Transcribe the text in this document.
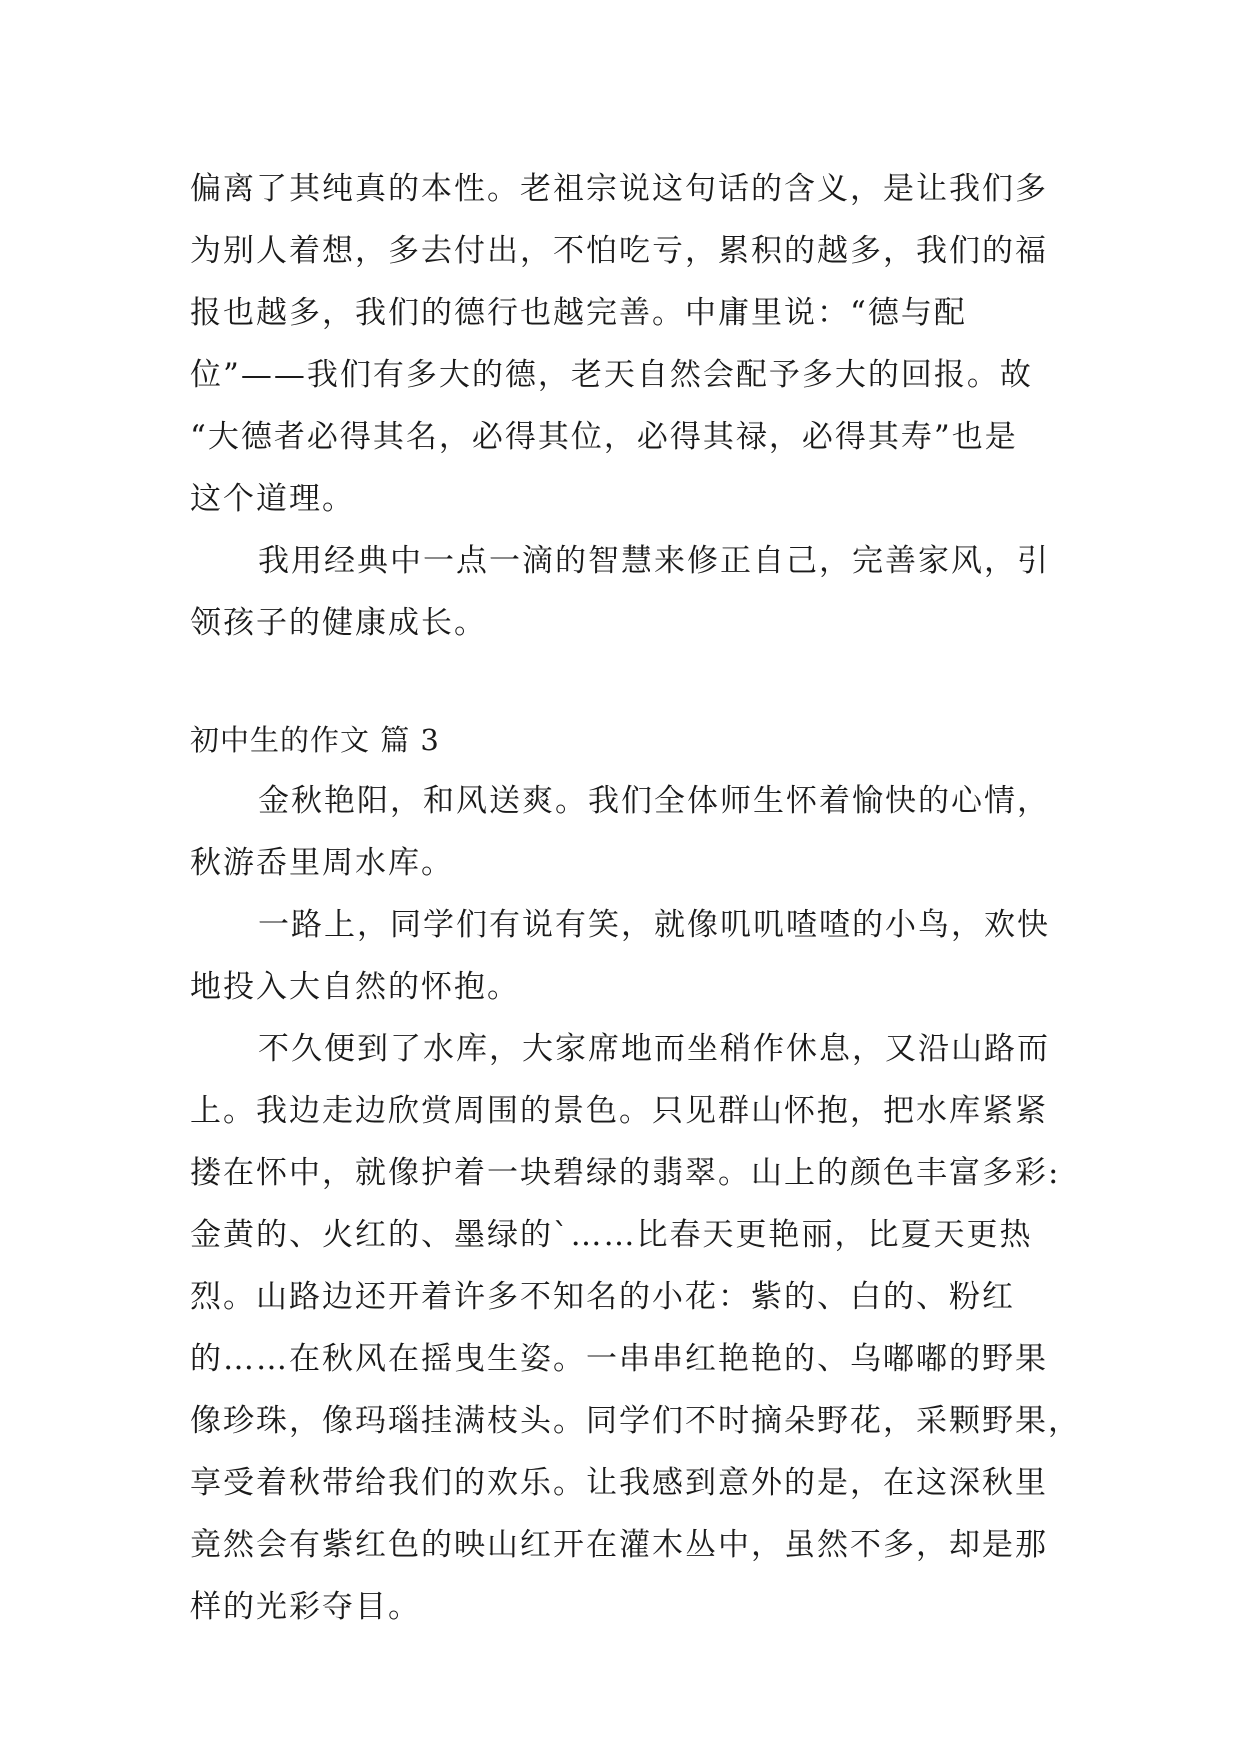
偏离了其纯真的本性。老祖宗说这句话的含义，是让我们多
为别人着想，多去付出，不怕吃亏，累积的越多，我们的福
报也越多，我们的德行也越完善。中庸里说：“德与配
位”——我们有多大的德，老天自然会配予多大的回报。故
“大德者必得其名，必得其位，必得其禄，必得其寿”也是
这个道理。
我用经典中一点一滴的智慧来修正自己，完善家风，引
领孩子的健康成长。
初中生的作文 篇 3
金秋艳阳，和风送爽。我们全体师生怀着愉快的心情，
秋游岙里周水库。
一路上，同学们有说有笑，就像叽叽喳喳的小鸟，欢快
地投入大自然的怀抱。
不久便到了水库，大家席地而坐稍作休息，又沿山路而
上。我边走边欣赏周围的景色。只见群山怀抱，把水库紧紧
搂在怀中，就像护着一块碧绿的翡翠。山上的颜色丰富多彩:
金黄的、火红的、墨绿的`……比春天更艳丽，比夏天更热
烈。山路边还开着许多不知名的小花：紫的、白的、粉红
的……在秋风在摇曳生姿。一串串红艳艳的、乌嘟嘟的野果
像珍珠，像玛瑙挂满枝头。同学们不时摘朵野花，采颗野果，
享受着秋带给我们的欢乐。让我感到意外的是，在这深秋里
竟然会有紫红色的映山红开在灌木丛中，虽然不多，却是那
样的光彩夺目。
